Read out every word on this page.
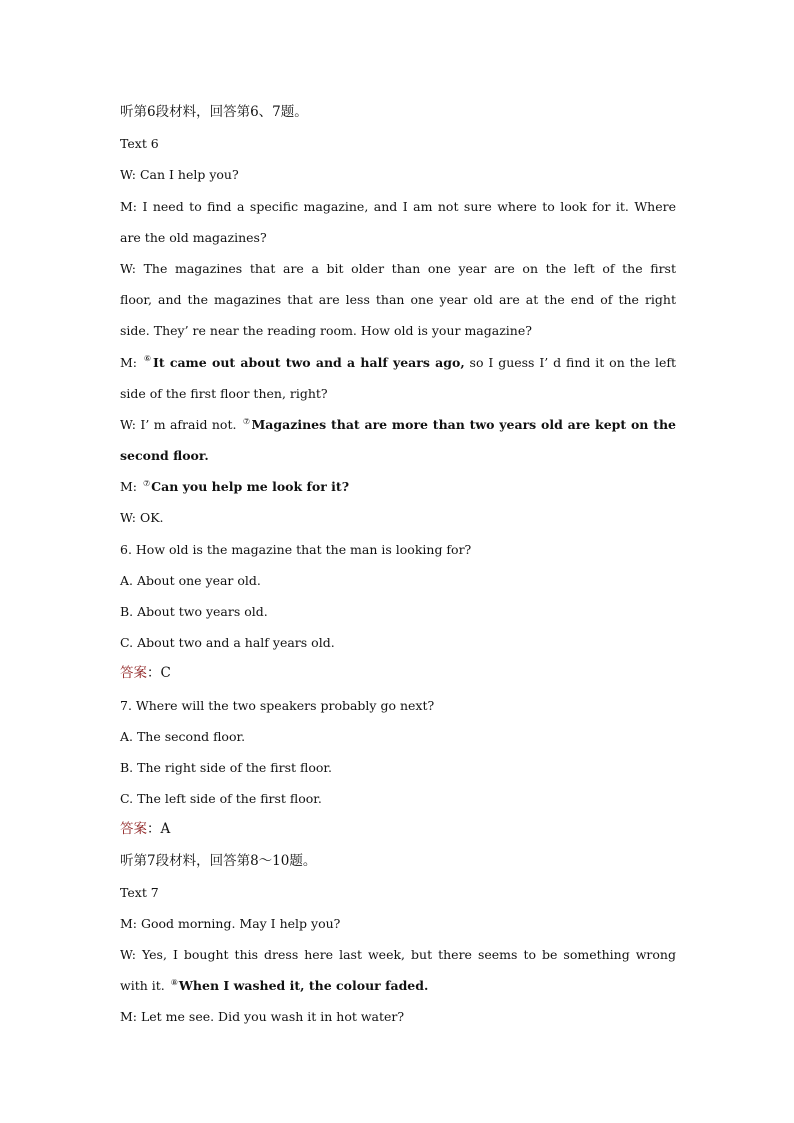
听第6段材料，回答第6、7题。
Text 6
W: Can I help you?
M: I need to find a specific magazine, and I am not sure where to look for it. Where
are the old magazines?
W: The magazines that are a bit older than one year are on the left of the first
floor, and the magazines that are less than one year old are at the end of the right
side. They’ re near the reading room. How old is your magazine?
M: ⑥It came out about two and a half years ago, so I guess I’ d find it on the left
side of the first floor then, right?
W: I’ m afraid not. ⑦Magazines that are more than two years old are kept on the
second floor.
M: ⑦Can you help me look for it?
W: OK.
6. How old is the magazine that the man is looking for?
A. About one year old.
B. About two years old.
C. About two and a half years old.
答案：C
7. Where will the two speakers probably go next?
A. The second floor.
B. The right side of the first floor.
C. The left side of the first floor.
答案：A
听第7段材料，回答第8～10题。
Text 7
M: Good morning. May I help you?
W: Yes, I bought this dress here last week, but there seems to be something wrong
with it. ⑧When I washed it, the colour faded.
M: Let me see. Did you wash it in hot water?
